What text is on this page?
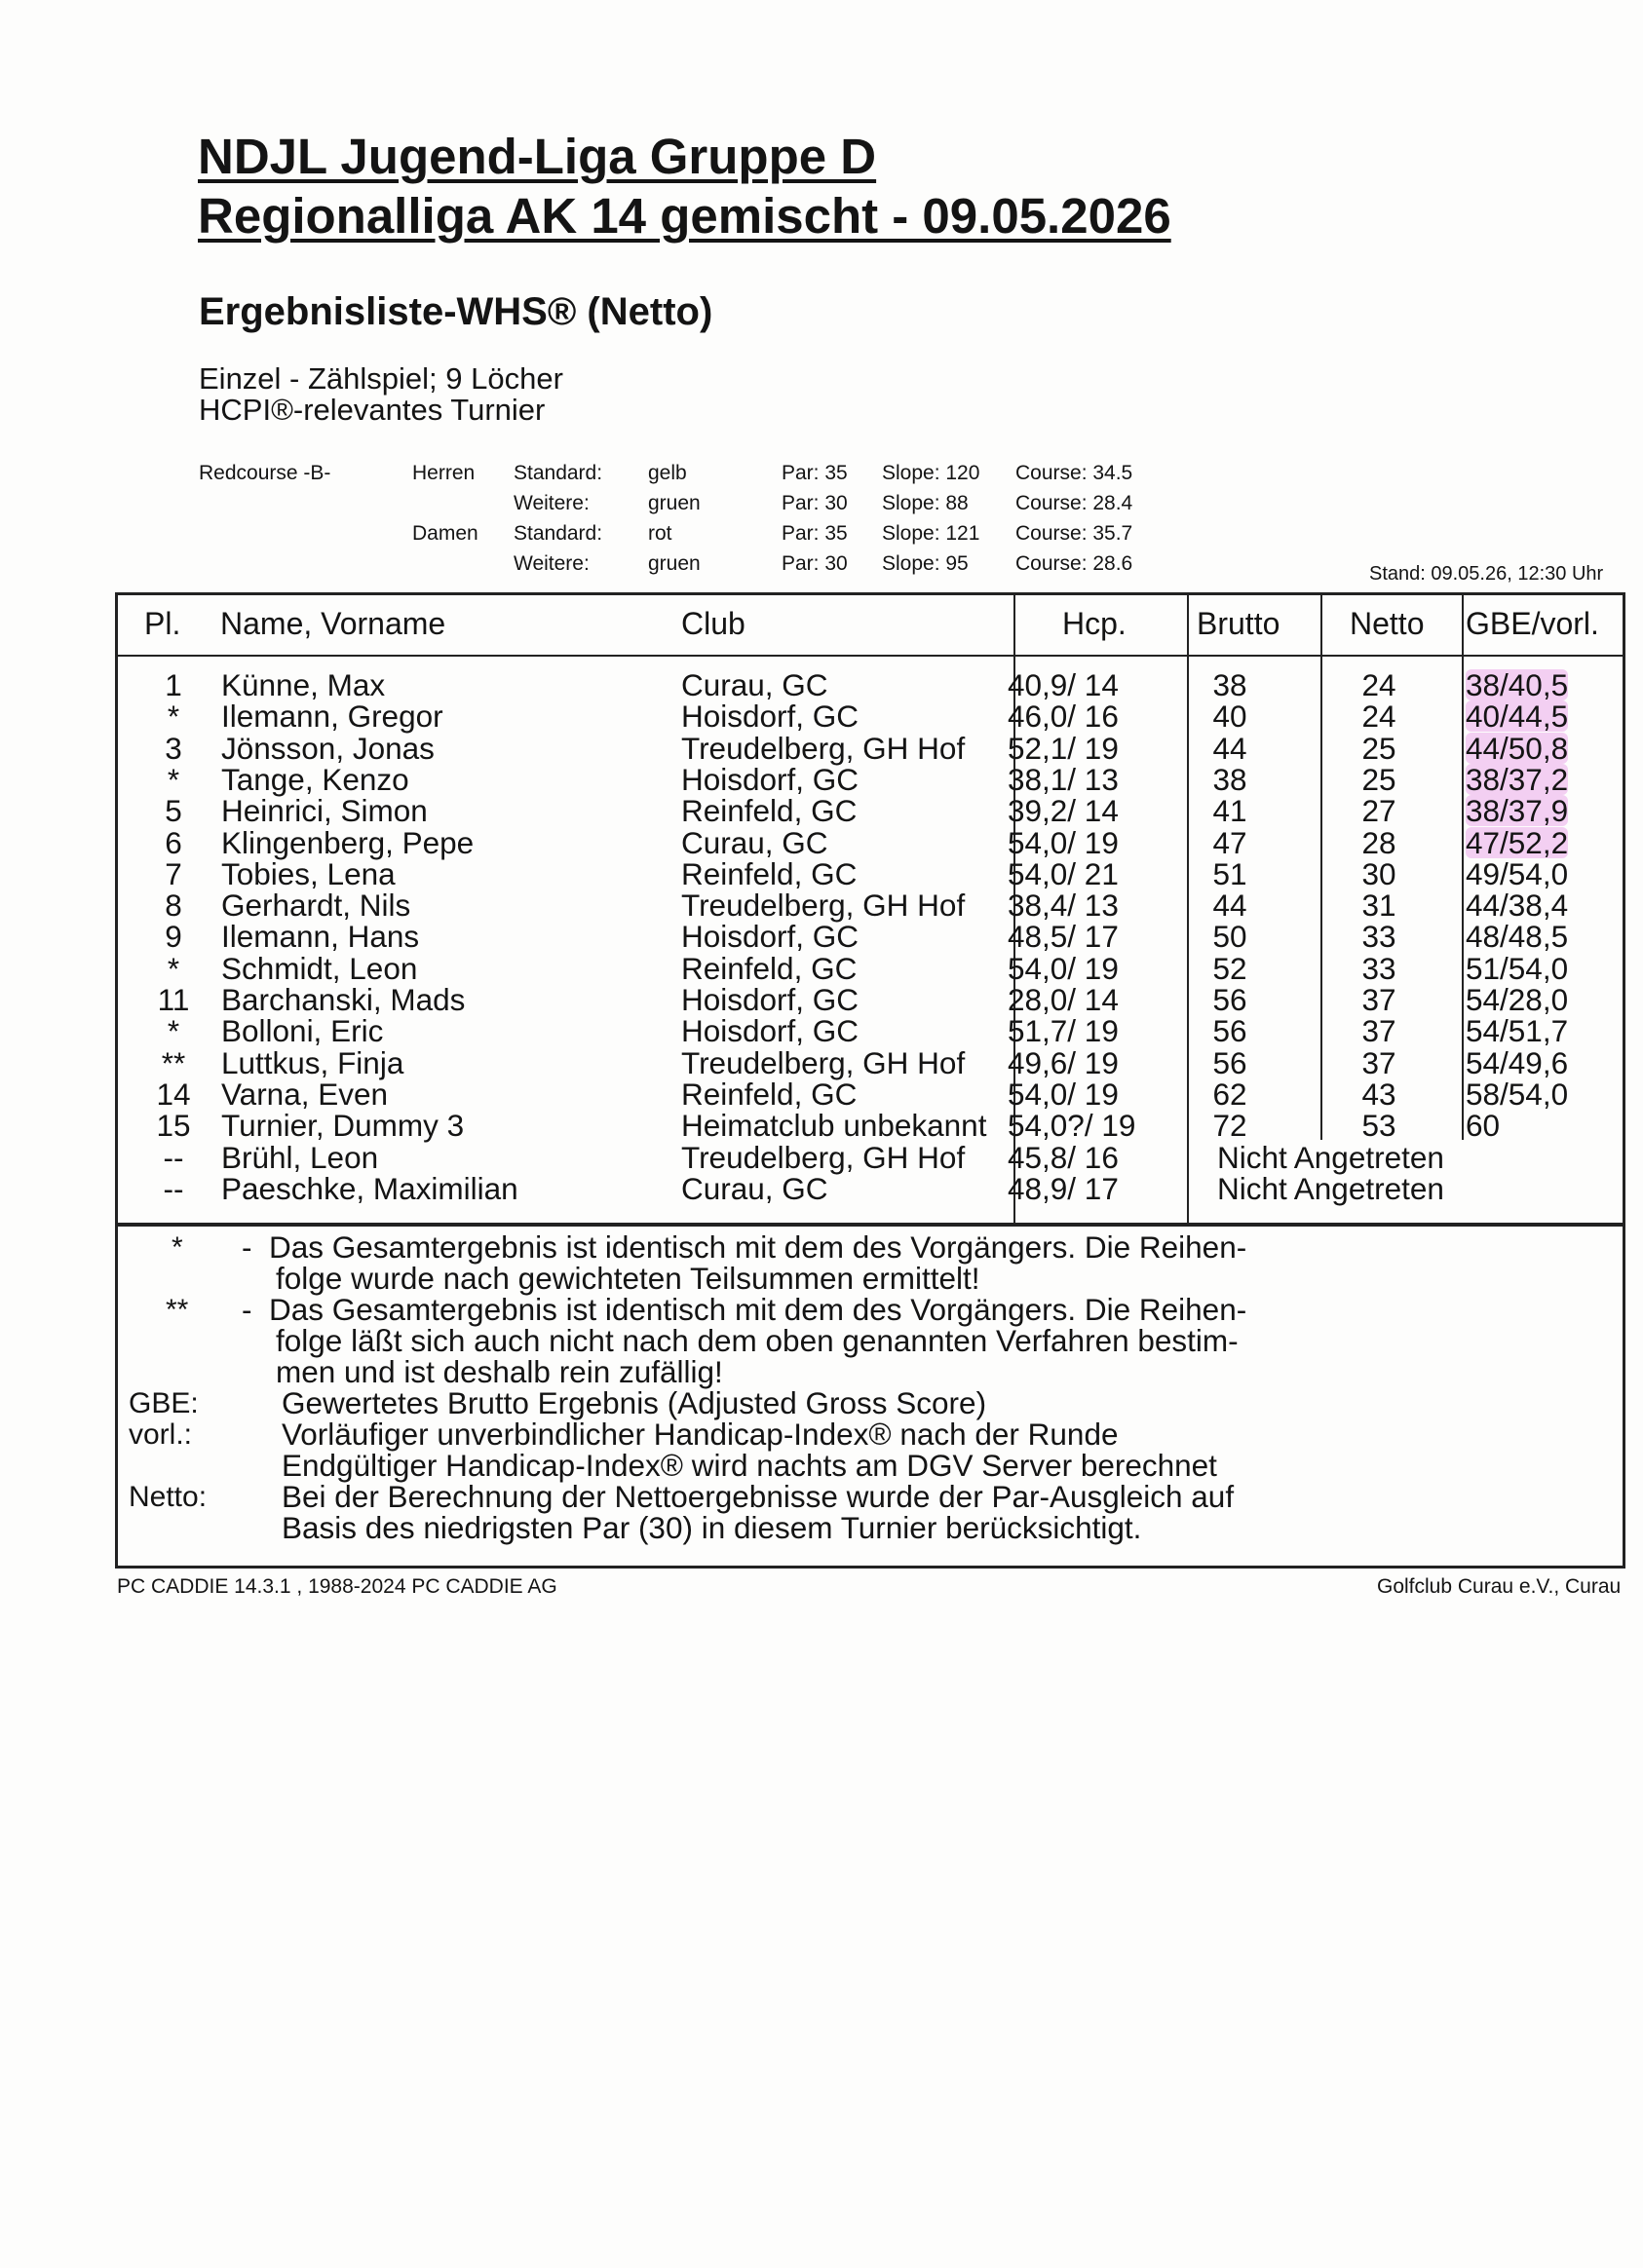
NDJL Jugend-Liga Gruppe D
Regionalliga AK 14 gemischt - 09.05.2026
Ergebnisliste-WHS® (Netto)
Einzel - Zählspiel; 9 Löcher
HCPI®-relevantes Turnier
Redcourse -B-	Herren Standard: gelb	Par: 35 Slope: 120 Course: 34.5
Weitere:	gruen	Par: 30 Slope: 88 Course: 28.4
Damen Standard: rot	Par: 35 Slope: 121 Course: 35.7
Weitere:	gruen	Par: 30 Slope: 95 Course: 28.6	Stand: 09.05.26, 12:30 Uhr
Pl. Name, Vorname	Club	Hcp. Brutto Netto GBE/vorl.
1	Künne, Max	Curau, GC	40,9/ 14	38	24	38/40,5
*	Ilemann, Gregor	Hoisdorf, GC	46,0/ 16	40	24	40/44,5
3	Jönsson, Jonas	Treudelberg, GH Hof 52,1/ 19	44	25	44/50,8
*	Tange, Kenzo	Hoisdorf, GC	38,1/ 13	38	25	38/37,2
5	Heinrici, Simon	Reinfeld, GC	39,2/ 14	41	27	38/37,9
6	Klingenberg, Pepe	Curau, GC	54,0/ 19	47	28	47/52,2
7	Tobies, Lena	Reinfeld, GC	54,0/ 21	51	30	49/54,0
8	Gerhardt, Nils	Treudelberg, GH Hof 38,4/ 13	44	31	44/38,4
9	Ilemann, Hans	Hoisdorf, GC	48,5/ 17	50	33	48/48,5
*	Schmidt, Leon	Reinfeld, GC	54,0/ 19	52	33	51/54,0
11	Barchanski, Mads	Hoisdorf, GC	28,0/ 14	56	37	54/28,0
*	Bolloni, Eric	Hoisdorf, GC	51,7/ 19	56	37	54/51,7
**	Luttkus, Finja	Treudelberg, GH Hof 49,6/ 19	56	37	54/49,6
14 Varna, Even	Reinfeld, GC	54,0/ 19	62	43	58/54,0
15 Turnier, Dummy 3	Heimatclub unbekannt 54,0?/ 19	72	53	60
--	Brühl, Leon	Treudelberg, GH Hof 45,8/ 16	Nicht Angetreten
--	Paeschke, Maximilian	Curau, GC	48,9/ 17	Nicht Angetreten
* -  Das Gesamtergebnis ist identisch mit dem des Vorgängers. Die Reihen-
folge wurde nach gewichteten Teilsummen ermittelt!
** -  Das Gesamtergebnis ist identisch mit dem des Vorgängers. Die Reihen-
folge läßt sich auch nicht nach dem oben genannten Verfahren bestim-
men und ist deshalb rein zufällig!
GBE:	Gewertetes Brutto Ergebnis (Adjusted Gross Score)
vorl.:	Vorläufiger unverbindlicher Handicap-Index® nach der Runde
Endgültiger Handicap-Index® wird nachts am DGV Server berechnet
Netto: Bei der Berechnung der Nettoergebnisse wurde der Par-Ausgleich auf
Basis des niedrigsten Par (30) in diesem Turnier berücksichtigt.
PC CADDIE 14.3.1 , 1988-2024 PC CADDIE AG	Golfclub Curau e.V., Curau
